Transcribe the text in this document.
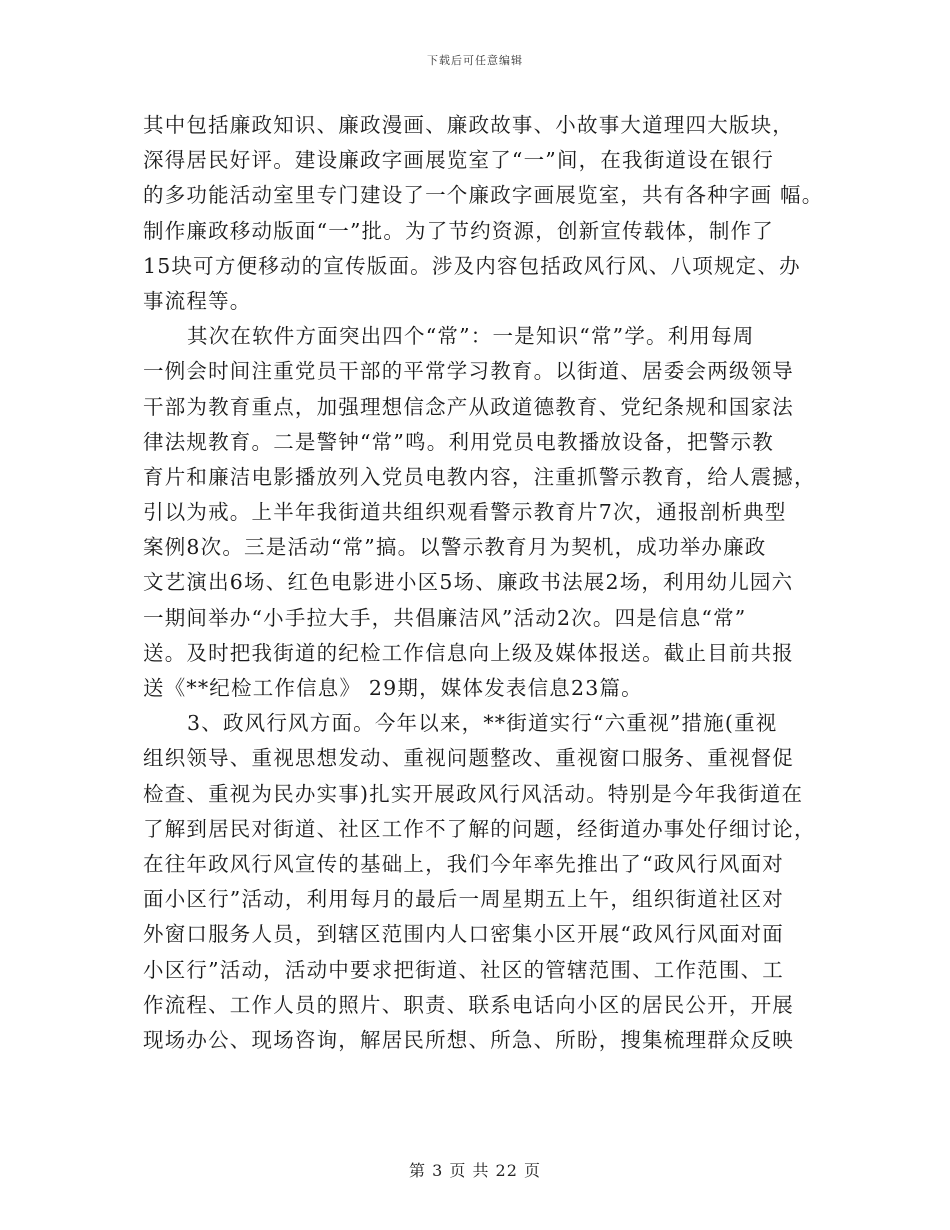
下载后可任意编辑
其中包括廉政知识、廉政漫画、廉政故事、小故事大道理四大版块，
深得居民好评。建设廉政字画展览室了“一”间，在我街道设在银行
的多功能活动室里专门建设了一个廉政字画展览室，共有各种字画 幅。
制作廉政移动版面“一”批。为了节约资源，创新宣传载体，制作了
15块可方便移动的宣传版面。涉及内容包括政风行风、八项规定、办
事流程等。
其次在软件方面突出四个“常”：一是知识“常”学。利用每周
一例会时间注重党员干部的平常学习教育。以街道、居委会两级领导
干部为教育重点，加强理想信念产从政道德教育、党纪条规和国家法
律法规教育。二是警钟“常”鸣。利用党员电教播放设备，把警示教
育片和廉洁电影播放列入党员电教内容，注重抓警示教育，给人震撼，
引以为戒。上半年我街道共组织观看警示教育片7次，通报剖析典型
案例8次。三是活动“常”搞。以警示教育月为契机，成功举办廉政
文艺演出6场、红色电影进小区5场、廉政书法展2场，利用幼儿园六
一期间举办“小手拉大手，共倡廉洁风”活动2次。四是信息“常”
送。及时把我街道的纪检工作信息向上级及媒体报送。截止目前共报
送《**纪检工作信息》 29期，媒体发表信息23篇。
3、政风行风方面。今年以来，**街道实行“六重视”措施(重视
组织领导、重视思想发动、重视问题整改、重视窗口服务、重视督促
检查、重视为民办实事)扎实开展政风行风活动。特别是今年我街道在
了解到居民对街道、社区工作不了解的问题，经街道办事处仔细讨论，
在往年政风行风宣传的基础上，我们今年率先推出了“政风行风面对
面小区行”活动，利用每月的最后一周星期五上午，组织街道社区对
外窗口服务人员，到辖区范围内人口密集小区开展“政风行风面对面
小区行”活动，活动中要求把街道、社区的管辖范围、工作范围、工
作流程、工作人员的照片、职责、联系电话向小区的居民公开，开展
现场办公、现场咨询，解居民所想、所急、所盼，搜集梳理群众反映
第 3 页 共 22 页
